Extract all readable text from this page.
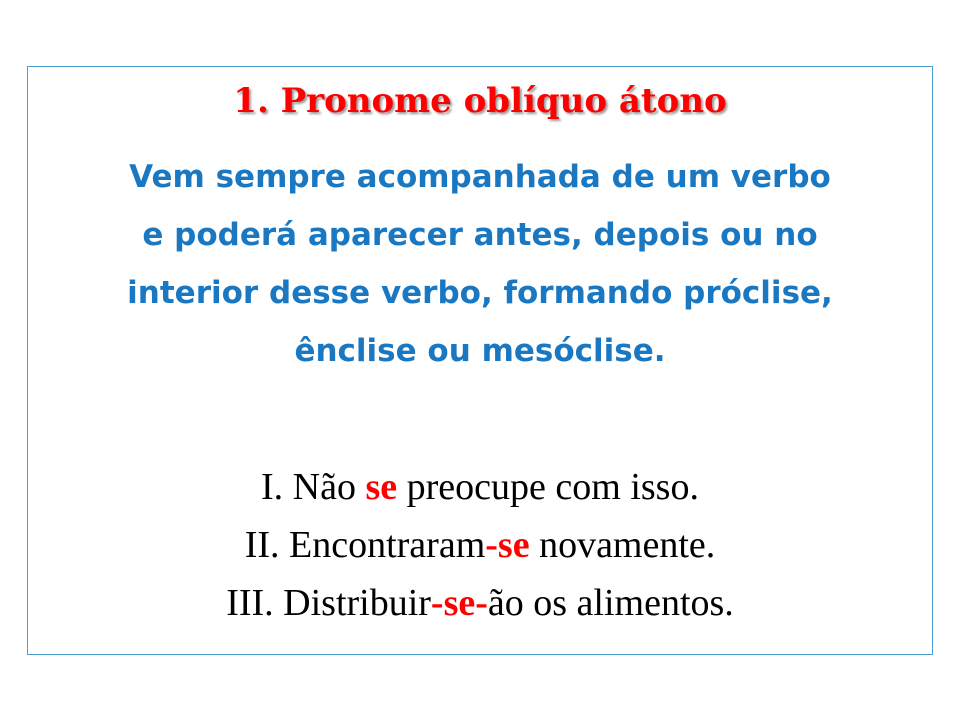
1. Pronome oblíquo átono
Vem sempre acompanhada de um verbo
e poderá aparecer antes, depois ou no
interior desse verbo, formando próclise,
ênclise ou mesóclise.
I. Não se preocupe com isso.
II. Encontraram-se novamente.
III. Distribuir-se-ão os alimentos.
